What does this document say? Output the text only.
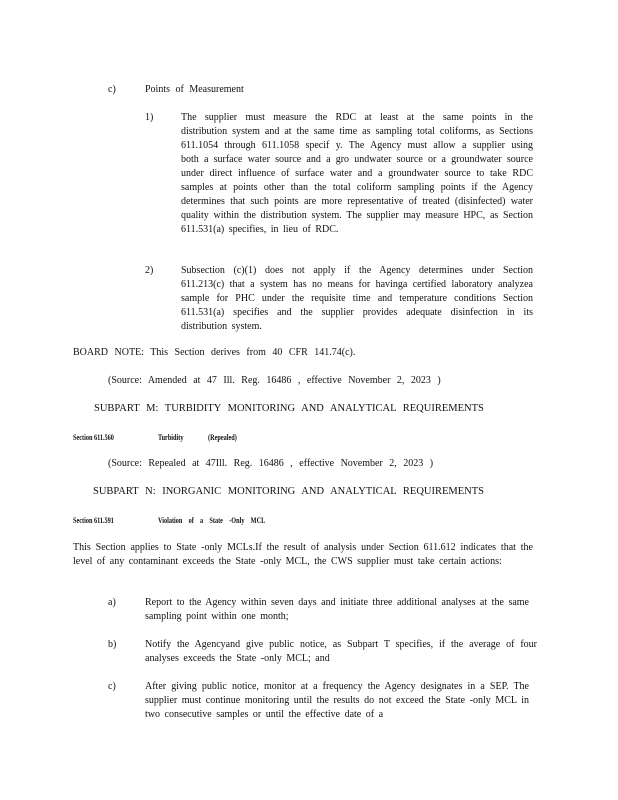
c)	Points of Measurement
1)	The supplier must measure the RDC at least at the same points in the distribution system and at the same time as sampling total coliforms, as Sections 611.1054 through 611.1058 specif y. The Agency must allow a supplier using both a surface water source and a gro undwater source or a groundwater source under direct influence of surface water and a groundwater source to take RDC samples at points other than the total coliform sampling points if the Agency determines that such points are more representative of treated (disinfected) water quality within the distribution system. The supplier may measure HPC, as Section 611.531(a) specifies, in lieu of RDC.
2)	Subsection (c)(1) does not apply if the Agency determines under Section 611.213(c) that a system has no means for havinga certified laboratory analyzea sample for PHC under the requisite time and temperature conditions Section 611.531(a) specifies and the supplier provides adequate disinfection in its distribution system.
BOARD NOTE: This Section derives from 40 CFR 141.74(c).
(Source: Amended at 47 Ill. Reg. 16486 , effective November 2, 2023 )
SUBPART M: TURBIDITY MONITORING AND ANALYTICAL REQUIREMENTS
Section 611.560	Turbidity	(Repealed)
(Source: Repealed at 47Ill. Reg. 16486 , effective November 2, 2023 )
SUBPART N: INORGANIC MONITORING AND ANALYTICAL REQUIREMENTS
Section 611.591	Violation of a State -Only MCL
This Section applies to State -only MCLs.If the result of analysis under Section 611.612 indicates that the level of any contaminant exceeds the State -only MCL, the CWS supplier must take certain actions:
a)	Report to the Agency within seven days and initiate three additional analyses at the same sampling point within one month;
b)	Notify the Agencyand give public notice, as Subpart T specifies, if the average of four analyses exceeds the State -only MCL; and
c)	After giving public notice, monitor at a frequency the Agency designates in a SEP. The supplier must continue monitoring until the results do not exceed the State -only MCL in two consecutive samples or until the effective date of a
